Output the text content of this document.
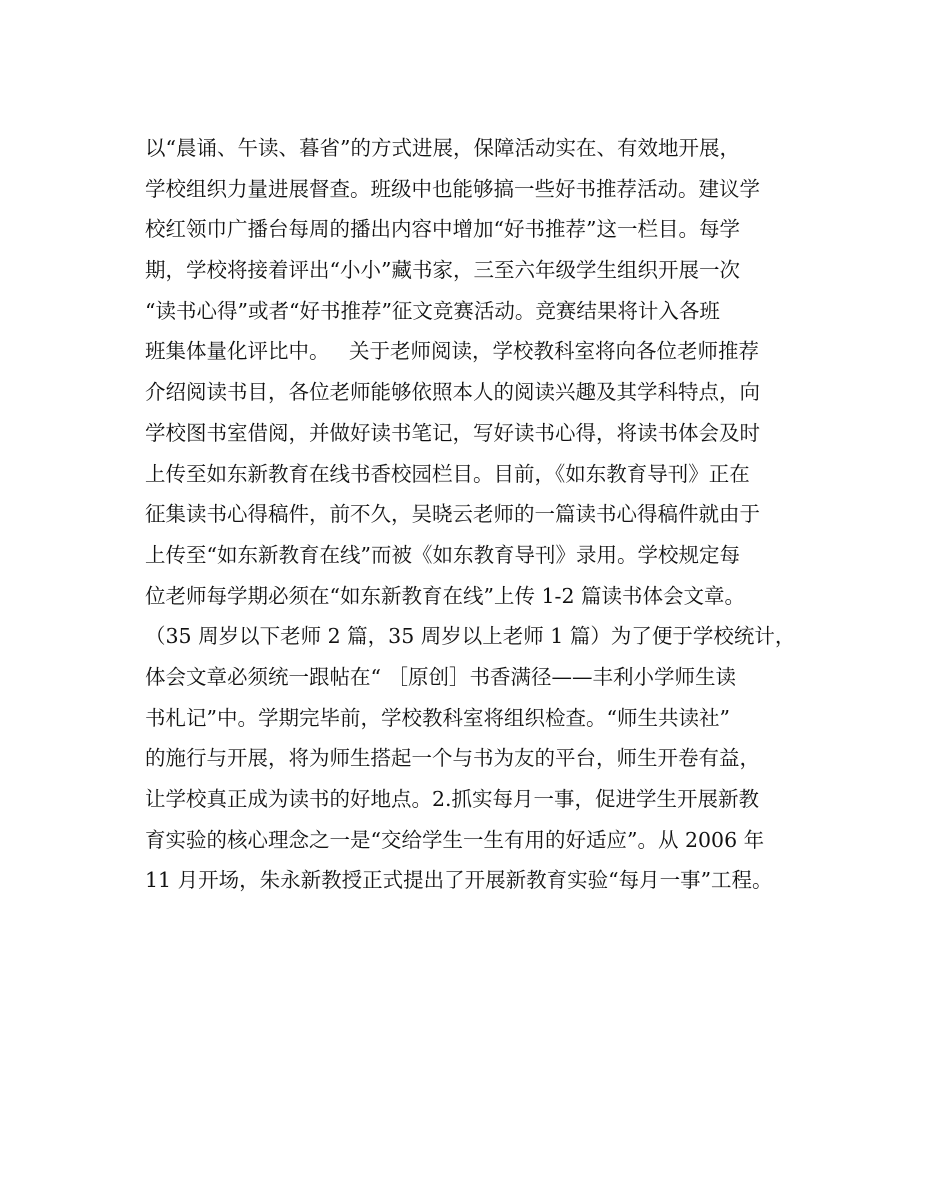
以“晨诵、午读、暮省”的方式进展，保障活动实在、有效地开展，
学校组织力量进展督查。班级中也能够搞一些好书推荐活动。建议学
校红领巾广播台每周的播出内容中增加“好书推荐”这一栏目。每学
期，学校将接着评出“小小”藏书家，三至六年级学生组织开展一次
“读书心得”或者“好书推荐”征文竞赛活动。竞赛结果将计入各班
班集体量化评比中。   关于老师阅读，学校教科室将向各位老师推荐
介绍阅读书目，各位老师能够依照本人的阅读兴趣及其学科特点，向
学校图书室借阅，并做好读书笔记，写好读书心得，将读书体会及时
上传至如东新教育在线书香校园栏目。目前，《如东教育导刊》正在
征集读书心得稿件，前不久，吴晓云老师的一篇读书心得稿件就由于
上传至“如东新教育在线”而被《如东教育导刊》录用。学校规定每
位老师每学期必须在“如东新教育在线”上传 1-2 篇读书体会文章。
（35 周岁以下老师 2 篇，35 周岁以上老师 1 篇）为了便于学校统计，
体会文章必须统一跟帖在“ ［原创］书香满径——丰利小学师生读
书札记”中。学期完毕前，学校教科室将组织检查。“师生共读社”
的施行与开展，将为师生搭起一个与书为友的平台，师生开卷有益，
让学校真正成为读书的好地点。2.抓实每月一事，促进学生开展新教
育实验的核心理念之一是“交给学生一生有用的好适应”。从 2006 年
11 月开场，朱永新教授正式提出了开展新教育实验“每月一事”工程。
